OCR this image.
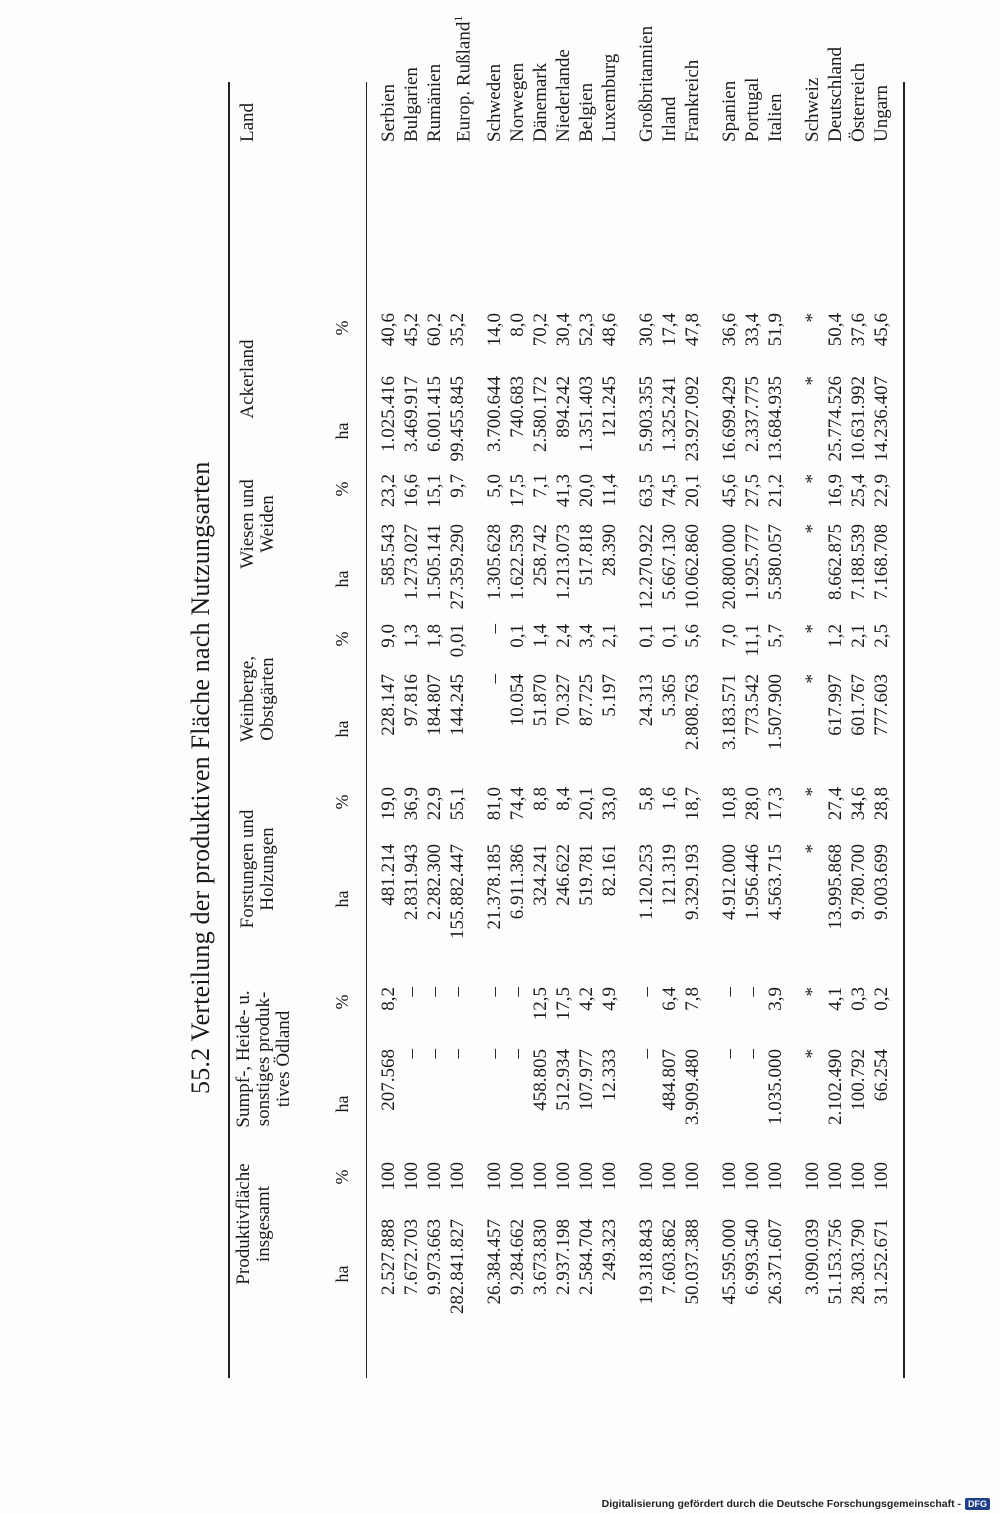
55.2 Verteilung der produktiven Fläche nach Nutzungsarten
Land
Ackerland
ha
%
Wiesen und Weiden
ha
%
Weinberge, Obstgärten	ha
%
Forstungen und Holzungen	ha
%
Sumpf-, Heide- u. sonstiges produk- tives Ödland ha
%
Produktivfläche insgesamt
ha
%
Serbien
1.025.416
40,6
585.543
23,2
228.147
9,0
481.214
19,0
207.568
8,2
2.527.888
100
Bulgarien
3.469.917
45,2
1.273.027
16,6
97.816
1,3
2.831.943
36,9
–
–
7.672.703
100
Rumänien
6.001.415
60,2
1.505.141
15,1
184.807
1,8
2.282.300
22,9
–
–
9.973.663
100
Europ. Rußland$^1$
99.455.845
35,2
27.359.290
9,7
144.245
0,01
155.882.447
55,1
–
–
282.841.827
100
Schweden
3.700.644
14,0
1.305.628
5,0
–
–
21.378.185
81,0
–
–
26.384.457
100
Norwegen
740.683
8,0
1.622.539
17,5
10.054
0,1
6.911.386
74,4
–
–
9.284.662
100
Dänemark
2.580.172
70,2
258.742
7,1
51.870
1,4
324.241
8,8
458.805
12,5
3.673.830
100
Niederlande
894.242
30,4
1.213.073
41,3
70.327
2,4
246.622
8,4
512.934
17,5
2.937.198
100
Belgien
1.351.403
52,3
517.818
20,0
87.725
3,4
519.781
20,1
107.977
4,2
2.584.704
100
Luxemburg
121.245
48,6
28.390
11,4
5.197
2,1
82.161
33,0
12.333
4,9
249.323
100
Großbritannien
5.903.355
30,6
12.270.922
63,5
24.313
0,1
1.120.253
5,8
–
–
19.318.843
100
Irland
1.325.241
17,4
5.667.130
74,5
5.365
0,1
121.319
1,6
484.807
6,4
7.603.862
100
Frankreich
23.927.092
47,8
10.062.860
20,1
2.808.763
5,6
9.329.193
18,7
3.909.480
7,8
50.037.388
100
Spanien
16.699.429
36,6
20.800.000
45,6
3.183.571
7,0
4.912.000
10,8
–
–
45.595.000
100
Portugal
2.337.775
33,4
1.925.777
27,5
773.542
11,1
1.956.446
28,0
–
–
6.993.540
100
Italien
13.684.935
51,9
5.580.057
21,2
1.507.900
5,7
4.563.715
17,3
1.035.000
3,9
26.371.607
100
Schweiz
*
*
*
*
*
*
*
*
*
*
3.090.039
100
Deutschland
25.774.526
50,4
8.662.875
16,9
617.997
1,2
13.995.868
27,4
2.102.490
4,1
51.153.756
100
Österreich
10.631.992
37,6
7.188.539
25,4
601.767
2,1
9.780.700
34,6
100.792
0,3
28.303.790
100
Ungarn
14.236.407
45,6
7.168.708
22,9
777.603
2,5
9.003.699
28,8
66.254
0,2
31.252.671
100
Digitalisierung gefördert durch die Deutsche Forschungsgemeinschaft - DFG
